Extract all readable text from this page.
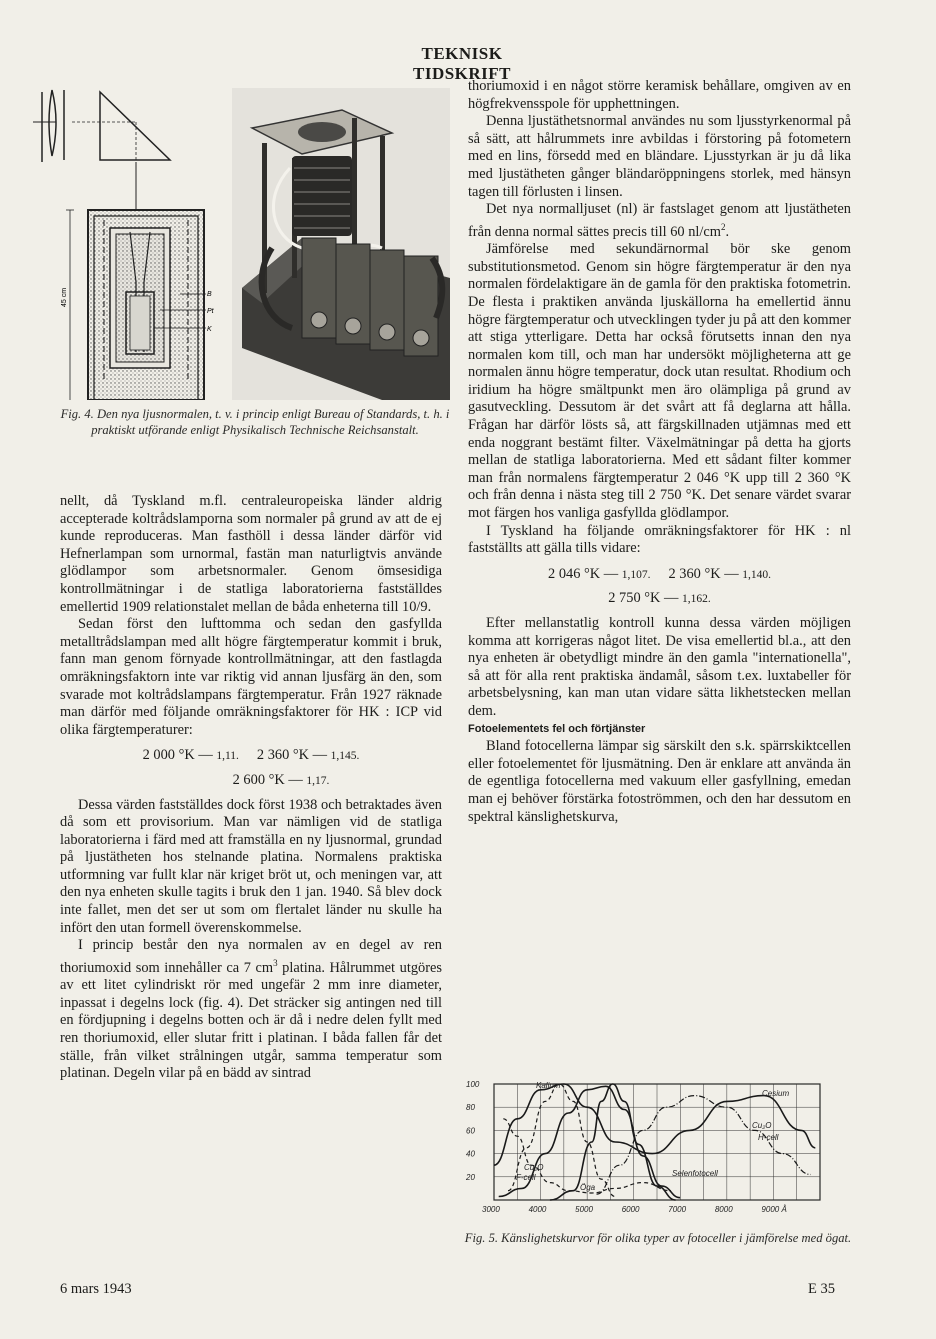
TEKNISK TIDSKRIFT
B
Pt
K
45 cm
Fig. 4. Den nya ljusnormalen, t. v. i princip enligt Bureau of Standards, t. h. i praktiskt utförande enligt Physikalisch Technische Reichsanstalt.

nellt, då Tyskland m.fl. centraleuropeiska länder aldrig accepterade koltrådslamporna som normaler på grund av att de ej kunde reproduceras. Man fasthöll i dessa länder därför vid Hefnerlampan som urnormal, fastän man naturligtvis använde glödlampor som arbetsnormaler. Genom ömsesidiga kontrollmätningar i de statliga laboratorierna fastställdes emellertid 1909 relationstalet mellan de båda enheterna till 10/9.

Sedan först den lufttomma och sedan den gasfyllda metalltrådslampan med allt högre färgtemperatur kommit i bruk, fann man genom förnyade kontrollmätningar, att den fastlagda omräkningsfaktorn inte var riktig vid annan ljusfärg än den, som svarade mot koltrådslampans färgtemperatur. Från 1927 räknade man därför med följande omräkningsfaktorer för HK : ICP vid olika färgtemperaturer:

2 000 °K — 1,11.     2 360 °K — 1,145.
2 600 °K — 1,17.

Dessa värden fastställdes dock först 1938 och betraktades även då som ett provisorium. Man var nämligen vid de statliga laboratorierna i färd med att framställa en ny ljusnormal, grundad på ljustätheten hos stelnande platina. Normalens praktiska utformning var fullt klar när kriget bröt ut, och meningen var, att den nya enheten skulle tagits i bruk den 1 jan. 1940. Så blev dock inte fallet, men det ser ut som om flertalet länder nu skulle ha infört den utan formell överenskommelse.

I princip består den nya normalen av en degel av ren thoriumoxid som innehåller ca 7 $cm^3$ platina. Hålrummet utgöres av ett litet cylindriskt rör med ungefär 2 mm inre diameter, inpassat i degelns lock (fig. 4). Det sträcker sig antingen ned till en fördjupning i degelns botten och är då i nedre delen fyllt med ren thoriumoxid, eller slutar fritt i platinan. I båda fallen får det ställe, från vilket strålningen utgår, samma temperatur som platinan. Degeln vilar på en bädd av sintrad

thoriumoxid i en något större keramisk behållare, omgiven av en högfrekvensspole för upphettningen.

Denna ljustäthetsnormal användes nu som ljusstyrkenormal på så sätt, att hålrummets inre avbildas i förstoring på fotometern med en lins, försedd med en bländare. Ljusstyrkan är ju då lika med ljustätheten gånger bländaröppningens storlek, med hänsyn tagen till förlusten i linsen.

Det nya normalljuset (nl) är fastslaget genom att ljustätheten från denna normal sättes precis till 60 $nl/cm^2$.

Jämförelse med sekundärnormal bör ske genom substitutionsmetod. Genom sin högre färgtemperatur är den nya normalen fördelaktigare än de gamla för den praktiska fotometrin. De flesta i praktiken använda ljuskällorna ha emellertid ännu högre färgtemperatur och utvecklingen tyder ju på att den kommer att stiga ytterligare. Detta har också förutsetts innan den nya normalen kom till, och man har undersökt möjligheterna att ge normalen ännu högre temperatur, dock utan resultat. Rhodium och iridium ha högre smältpunkt men äro olämpliga på grund av gasutveckling. Dessutom är det svårt att få deglarna att hålla. Frågan har därför lösts så, att färgskillnaden utjämnas med ett enda noggrant bestämt filter. Växelmätningar på detta ha gjorts mellan de statliga laboratorierna. Med ett sådant filter kommer man från normalens färgtemperatur 2 046 °K upp till 2 360 °K och från denna i nästa steg till 2 750 °K. Det senare värdet svarar mot färgen hos vanliga gasfyllda glödlampor.

I Tyskland ha följande omräkningsfaktorer för HK : nl fastställts att gälla tills vidare:

2 046 °K — 1,107.     2 360 °K — 1,140.
2 750 °K — 1,162.

Efter mellanstatlig kontroll kunna dessa värden möjligen komma att korrigeras något litet. De visa emellertid bl.a., att den nya enheten är obetydligt mindre än den gamla "internationella", så att för alla rent praktiska ändamål, såsom t.ex. luxtabeller för arbetsbelysning, kan man utan vidare sätta likhetstecken mellan dem.

Fotoelementets fel och förtjänster

Bland fotocellerna lämpar sig särskilt den s.k. spärrskiktcellen eller fotoelementet för ljusmätning. Den är enklare att använda än de egentliga fotocellerna med vakuum eller gasfyllning, emedan man ej behöver förstärka fotoströmmen, och den har dessutom en spektral känslighetskurva,

100
80
60
40
20
3000	4000	5000	6000	7000	8000	9000 Å
Kalium
Cesium
Cu₂O
H-cell
Selenfotocell
Cu₂O
F-cell
Öga
Fig. 5. Känslighetskurvor för olika typer av fotoceller i jämförelse med ögat.
6 mars 1943	E 35
